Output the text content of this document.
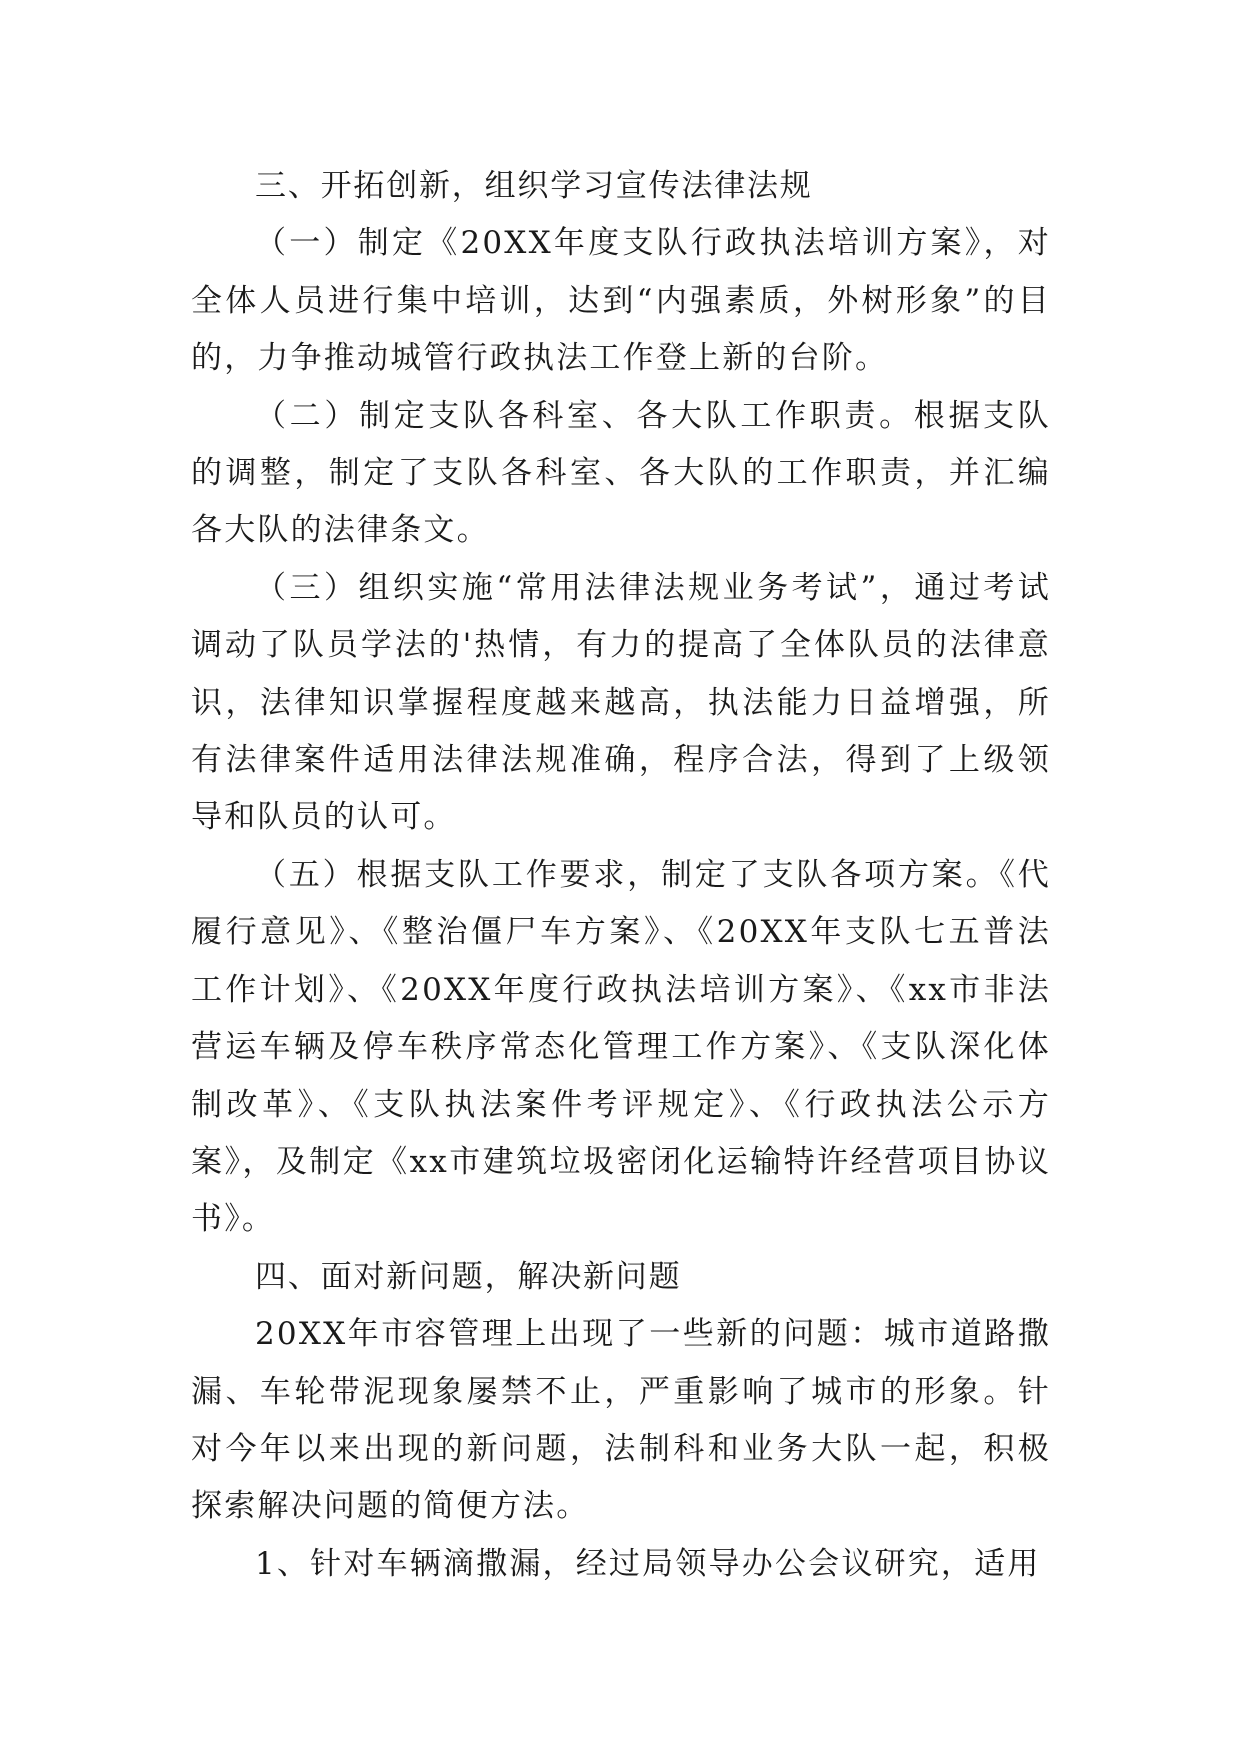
三、开拓创新，组织学习宣传法律法规

（一）制定《20XX年度支队行政执法培训方案》，对全体人员进行集中培训，达到“内强素质，外树形象”的目的，力争推动城管行政执法工作登上新的台阶。

（二）制定支队各科室、各大队工作职责。根据支队的调整，制定了支队各科室、各大队的工作职责，并汇编各大队的法律条文。

（三）组织实施“常用法律法规业务考试”，通过考试调动了队员学法的'热情，有力的提高了全体队员的法律意识，法律知识掌握程度越来越高，执法能力日益增强，所有法律案件适用法律法规准确，程序合法，得到了上级领导和队员的认可。

（五）根据支队工作要求，制定了支队各项方案。《代履行意见》、《整治僵尸车方案》、《20XX年支队七五普法工作计划》、《20XX年度行政执法培训方案》、《xx市非法营运车辆及停车秩序常态化管理工作方案》、《支队深化体制改革》、《支队执法案件考评规定》、《行政执法公示方案》，及制定《xx市建筑垃圾密闭化运输特许经营项目协议书》。

四、面对新问题，解决新问题

20XX年市容管理上出现了一些新的问题：城市道路撒漏、车轮带泥现象屡禁不止，严重影响了城市的形象。针对今年以来出现的新问题，法制科和业务大队一起，积极探索解决问题的简便方法。

1、针对车辆滴撒漏，经过局领导办公会议研究，适用
